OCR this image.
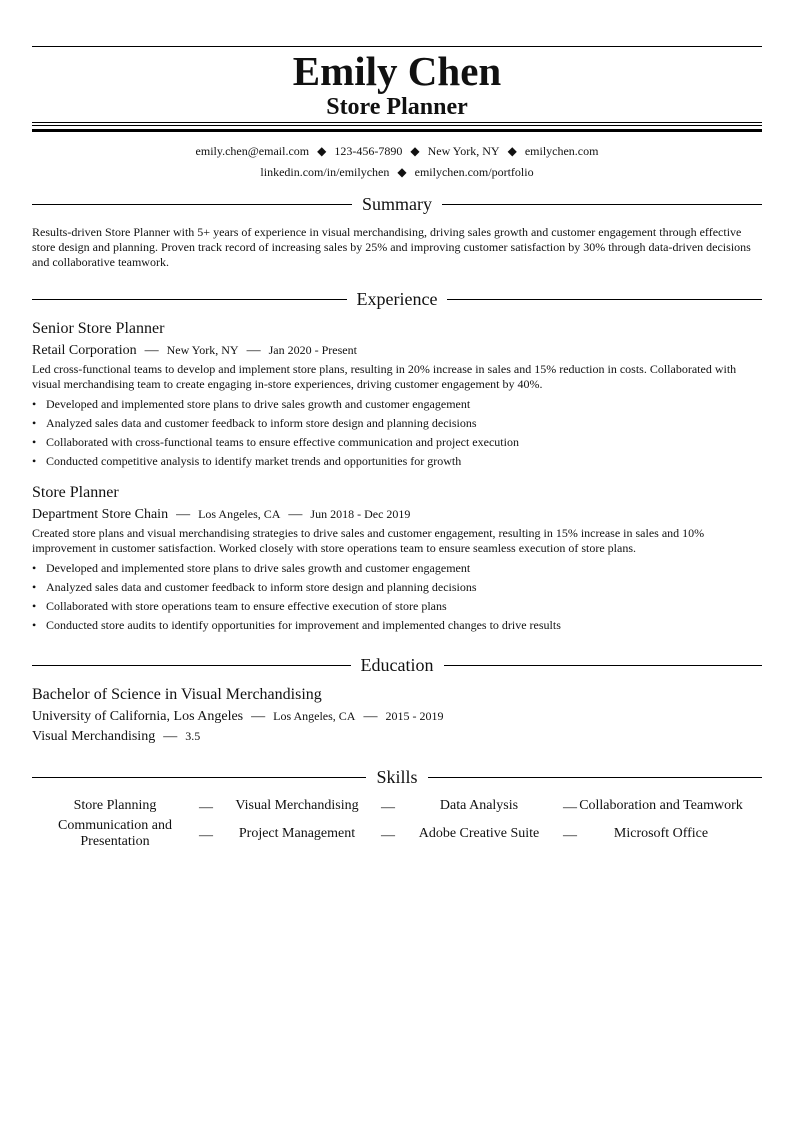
Emily Chen
Store Planner
emily.chen@email.com ◆ 123-456-7890 ◆ New York, NY ◆ emilychen.com
linkedin.com/in/emilychen ◆ emilychen.com/portfolio
Summary
Results-driven Store Planner with 5+ years of experience in visual merchandising, driving sales growth and customer engagement through effective store design and planning. Proven track record of increasing sales by 25% and improving customer satisfaction by 30% through data-driven decisions and collaborative teamwork.
Experience
Senior Store Planner
Retail Corporation — New York, NY — Jan 2020 - Present
Led cross-functional teams to develop and implement store plans, resulting in 20% increase in sales and 15% reduction in costs. Collaborated with visual merchandising team to create engaging in-store experiences, driving customer engagement by 40%.
• Developed and implemented store plans to drive sales growth and customer engagement
• Analyzed sales data and customer feedback to inform store design and planning decisions
• Collaborated with cross-functional teams to ensure effective communication and project execution
• Conducted competitive analysis to identify market trends and opportunities for growth
Store Planner
Department Store Chain — Los Angeles, CA — Jun 2018 - Dec 2019
Created store plans and visual merchandising strategies to drive sales and customer engagement, resulting in 15% increase in sales and 10% improvement in customer satisfaction. Worked closely with store operations team to ensure seamless execution of store plans.
• Developed and implemented store plans to drive sales growth and customer engagement
• Analyzed sales data and customer feedback to inform store design and planning decisions
• Collaborated with store operations team to ensure effective execution of store plans
• Conducted store audits to identify opportunities for improvement and implemented changes to drive results
Education
Bachelor of Science in Visual Merchandising
University of California, Los Angeles — Los Angeles, CA — 2015 - 2019
Visual Merchandising — 3.5
Skills
Store Planning	—	Visual Merchandising	—	Data Analysis	— Collaboration and Teamwork
Communication and Presentation	—	Project Management	—	Adobe Creative Suite	—	Microsoft Office
